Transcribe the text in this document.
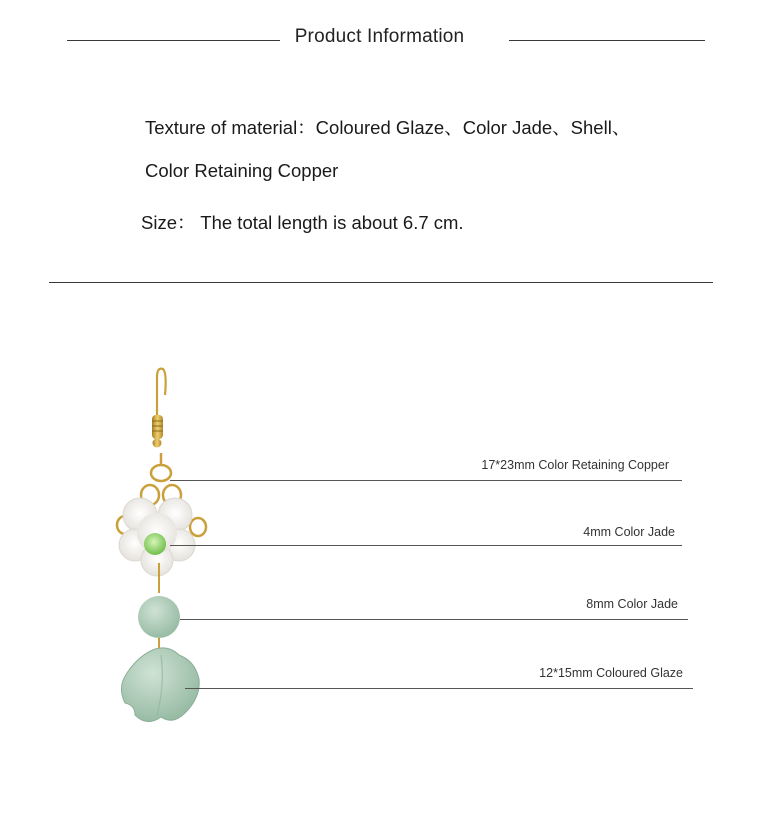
Product Information
Texture of material：Coloured Glaze、Color Jade、Shell、
Color Retaining Copper
Size： The total length is about 6.7 cm.
17*23mm Color Retaining Copper
4mm Color Jade
8mm Color Jade
12*15mm Coloured Glaze
